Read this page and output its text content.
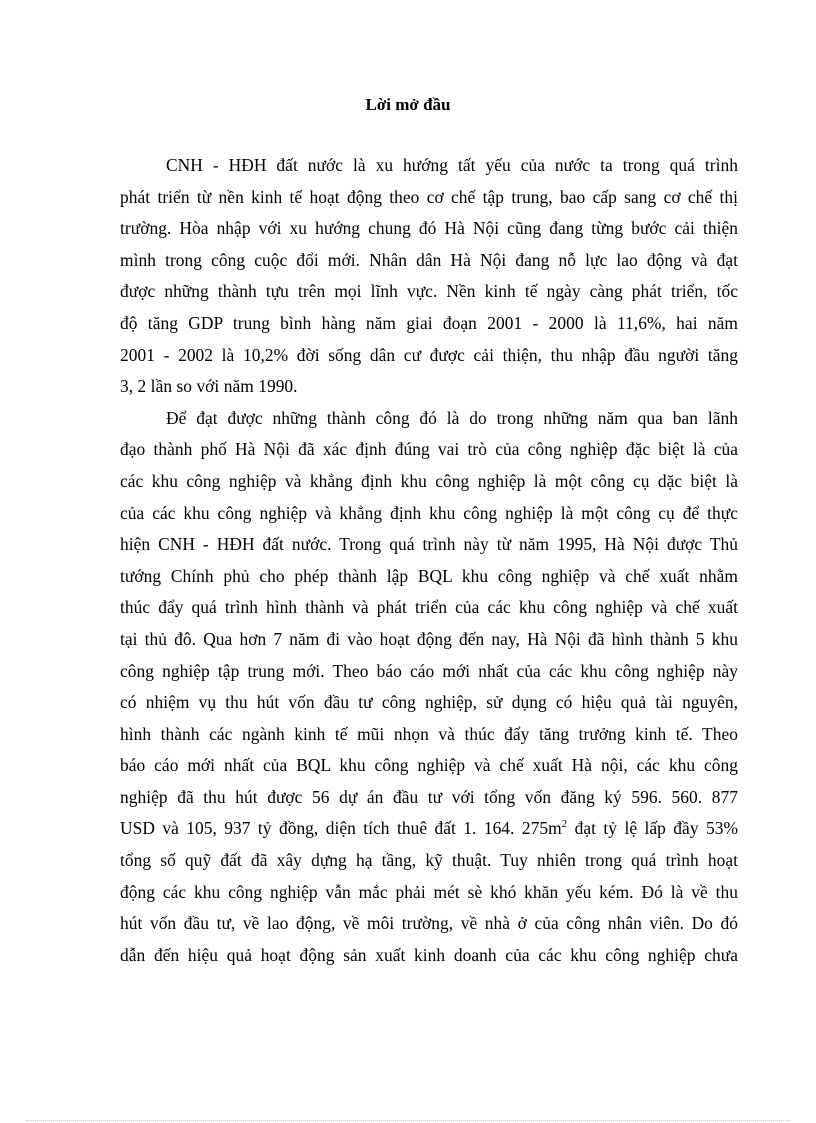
Lời mở đầu
CNH - HĐH đất nước là xu hướng tất yếu của nước ta trong quá trình
phát triển từ nền kinh tế hoạt động theo cơ chế tập trung, bao cấp sang cơ chế thị
trường. Hòa nhập với xu hướng chung đó Hà Nội cũng đang từng bước cải thiện
mình trong công cuộc đổi mới. Nhân dân Hà Nội đang nỗ lực lao động và đạt
được những thành tựu trên mọi lĩnh vực. Nền kinh tế ngày càng phát triển, tốc
độ tăng GDP trung bình hàng năm giai đoạn 2001 - 2000 là 11,6%, hai năm
2001 - 2002 là 10,2% đời sống dân cư được cải thiện, thu nhập đầu người tăng
3, 2 lần so với năm 1990.
Để đạt được những thành công đó là do trong những năm qua ban lãnh
đạo thành phố Hà Nội đã xác định đúng vai trò của công nghiệp đặc biệt là của
các khu công nghiệp và khẳng định khu công nghiệp là một công cụ dặc biệt là
của các khu công nghiệp và khẳng định khu công nghiệp là một công cụ để thực
hiện CNH - HĐH đất nước. Trong quá trình này từ năm 1995, Hà Nội được Thủ
tướng Chính phủ cho phép thành lập BQL khu công nghiệp và chế xuất nhằm
thúc đẩy quá trình hình thành và phát triển của các khu công nghiệp và chế xuất
tại thủ đô. Qua hơn 7 năm đi vào hoạt động đến nay, Hà Nội đã hình thành 5 khu
công nghiệp tập trung mới. Theo báo cáo mới nhất của các khu công nghiệp này
có nhiệm vụ thu hút vốn đầu tư công nghiệp, sử dụng có hiệu quả tài nguyên,
hình thành các ngành kinh tế mũi nhọn và thúc đẩy tăng trưởng kinh tế. Theo
báo cáo mới nhất của BQL khu công nghiệp và chế xuất Hà nội, các khu công
nghiệp đã thu hút được 56 dự án đầu tư với tổng vốn đăng ký 596. 560. 877
USD và 105, 937 tỷ đồng, diện tích thuê đất 1. 164. $275m^2$ đạt tỷ lệ lấp đầy 53%
tổng số quỹ đất đã xây dựng hạ tầng, kỹ thuật. Tuy nhiên trong quá trình hoạt
động các khu công nghiệp vẫn mắc phải mét sè khó khăn yếu kém. Đó là về thu
hút vốn đầu tư, về lao động, về môi trường, về nhà ở của công nhân viên. Do đó
dẫn đến hiệu quả hoạt động sản xuất kinh doanh của các khu công nghiệp chưa
